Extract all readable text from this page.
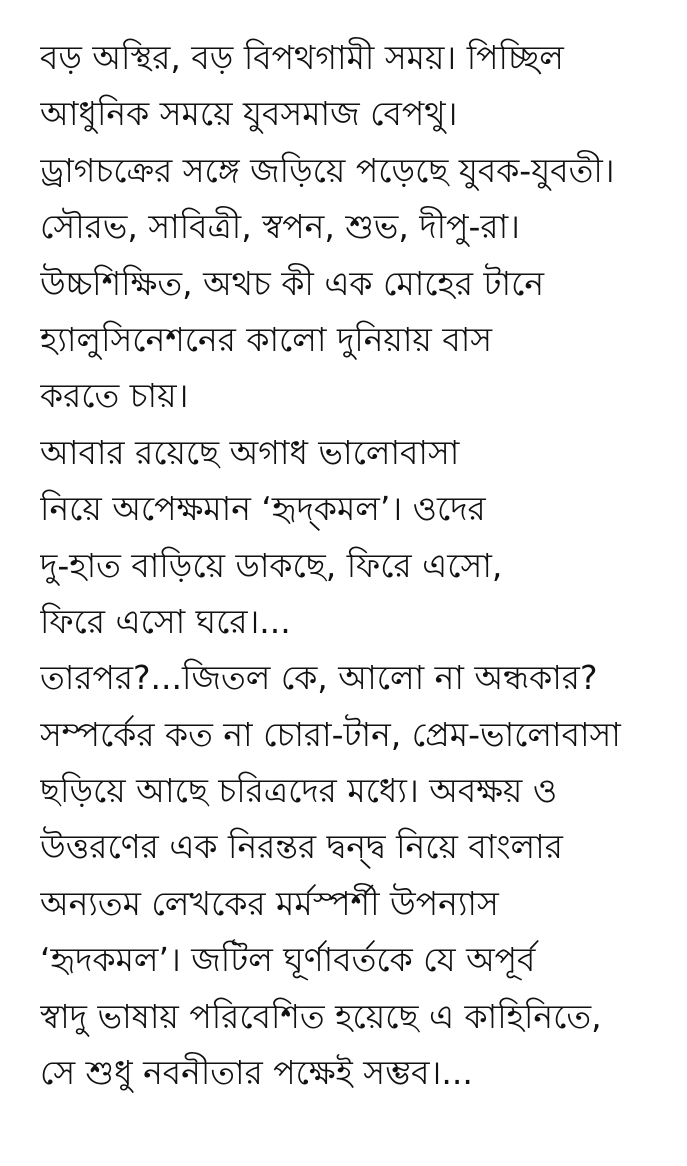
বড় অস্থির, বড় বিপথগামী সময়। পিচ্ছিল
আধুনিক সময়ে যুবসমাজ বেপথু।
ড্রাগচক্রের সঙ্গে জড়িয়ে পড়েছে যুবক-যুবতী।
সৌরভ, সাবিত্রী, স্বপন, শুভ, দীপু-রা।
উচ্চশিক্ষিত, অথচ কী এক মোহের টানে
হ্যালুসিনেশনের কালো দুনিয়ায় বাস
করতে চায়।
আবার রয়েছে অগাধ ভালোবাসা
নিয়ে অপেক্ষমান ‘হৃদ্‌কমল’। ওদের
দু-হাত বাড়িয়ে ডাকছে, ফিরে এসো,
ফিরে এসো ঘরে।...
তারপর?...জিতল কে, আলো না অন্ধকার?
সম্পর্কের কত না চোরা-টান, প্রেম-ভালোবাসা
ছড়িয়ে আছে চরিত্রদের মধ্যে। অবক্ষয় ও
উত্তরণের এক নিরন্তর দ্বন্দ্ব নিয়ে বাংলার
অন্যতম লেখকের মর্মস্পর্শী উপন্যাস
‘হৃদকমল’। জটিল ঘূর্ণাবর্তকে যে অপূর্ব
স্বাদু ভাষায় পরিবেশিত হয়েছে এ কাহিনিতে,
সে শুধু নবনীতার পক্ষেই সম্ভব।...
